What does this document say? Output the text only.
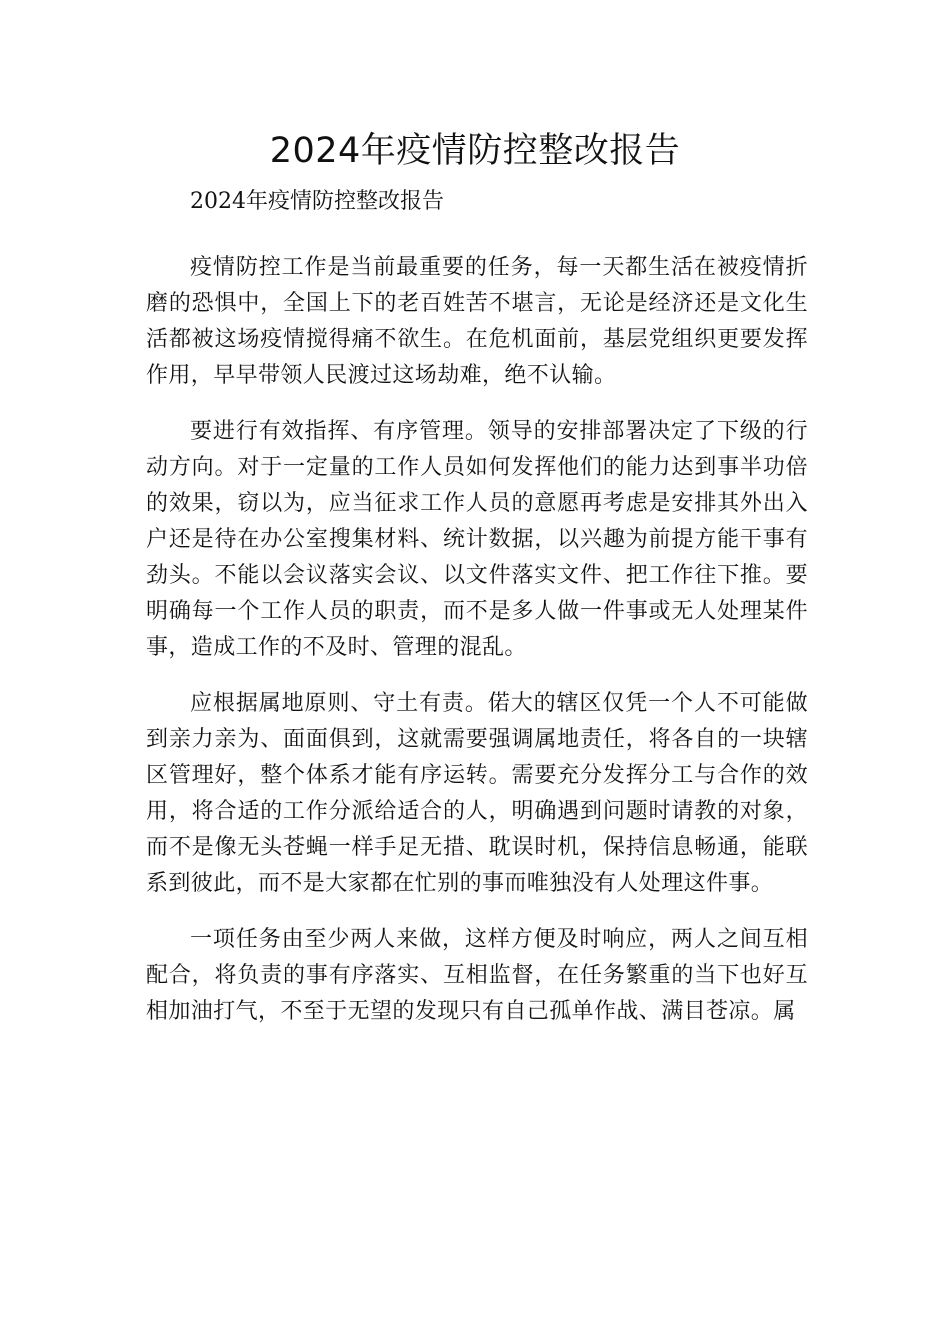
2024年疫情防控整改报告

2024年疫情防控整改报告

疫情防控工作是当前最重要的任务，每一天都生活在被疫情折磨的恐惧中，全国上下的老百姓苦不堪言，无论是经济还是文化生活都被这场疫情搅得痛不欲生。在危机面前，基层党组织更要发挥作用，早早带领人民渡过这场劫难，绝不认输。

要进行有效指挥、有序管理。领导的安排部署决定了下级的行动方向。对于一定量的工作人员如何发挥他们的能力达到事半功倍的效果，窃以为，应当征求工作人员的意愿再考虑是安排其外出入户还是待在办公室搜集材料、统计数据，以兴趣为前提方能干事有劲头。不能以会议落实会议、以文件落实文件、把工作往下推。要明确每一个工作人员的职责，而不是多人做一件事或无人处理某件事，造成工作的不及时、管理的混乱。

应根据属地原则、守土有责。偌大的辖区仅凭一个人不可能做到亲力亲为、面面俱到，这就需要强调属地责任，将各自的一块辖区管理好，整个体系才能有序运转。需要充分发挥分工与合作的效用，将合适的工作分派给适合的人，明确遇到问题时请教的对象，而不是像无头苍蝇一样手足无措、耽误时机，保持信息畅通，能联系到彼此，而不是大家都在忙别的事而唯独没有人处理这件事。

一项任务由至少两人来做，这样方便及时响应，两人之间互相配合，将负责的事有序落实、互相监督，在任务繁重的当下也好互相加油打气，不至于无望的发现只有自己孤单作战、满目苍凉。属
